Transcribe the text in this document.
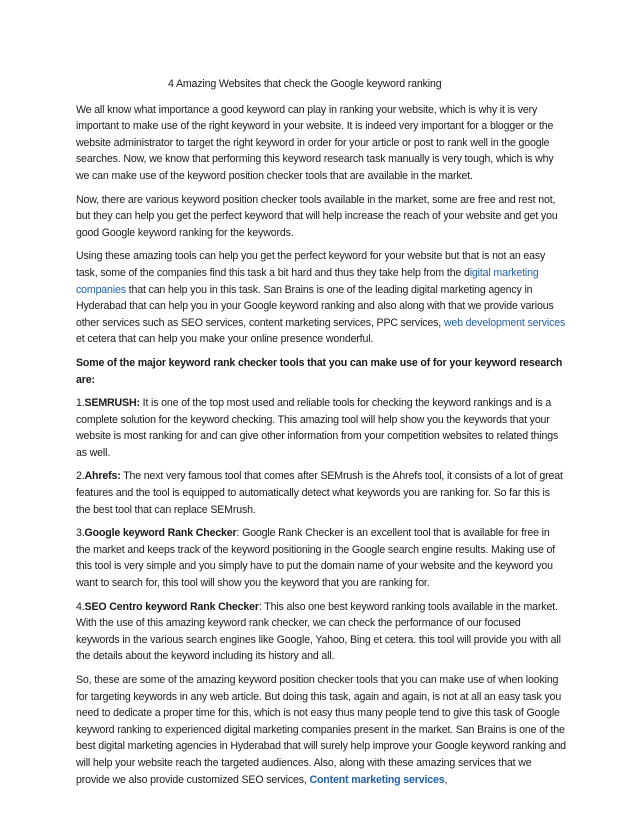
4 Amazing Websites that check the Google keyword ranking

We all know what importance a good keyword can play in ranking your website, which is why it is very important to make use of the right keyword in your website. It is indeed very important for a blogger or the website administrator to target the right keyword in order for your article or post to rank well in the google searches. Now, we know that performing this keyword research task manually is very tough, which is why we can make use of the keyword position checker tools that are available in the market.

Now, there are various keyword position checker tools available in the market, some are free and rest not, but they can help you get the perfect keyword that will help increase the reach of your website and get you good Google keyword ranking for the keywords.

Using these amazing tools can help you get the perfect keyword for your website but that is not an easy task, some of the companies find this task a bit hard and thus they take help from the digital marketing companies that can help you in this task. San Brains is one of the leading digital marketing agency in Hyderabad that can help you in your Google keyword ranking and also along with that we provide various other services such as SEO services, content marketing services, PPC services, web development services et cetera that can help you make your online presence wonderful.

Some of the major keyword rank checker tools that you can make use of for your keyword research are:

1.SEMRUSH: It is one of the top most used and reliable tools for checking the keyword rankings and is a complete solution for the keyword checking. This amazing tool will help show you the keywords that your website is most ranking for and can give other information from your competition websites to related things as well.

2.Ahrefs: The next very famous tool that comes after SEMrush is the Ahrefs tool, it consists of a lot of great features and the tool is equipped to automatically detect what keywords you are ranking for. So far this is the best tool that can replace SEMrush.

3.Google keyword Rank Checker: Google Rank Checker is an excellent tool that is available for free in the market and keeps track of the keyword positioning in the Google search engine results. Making use of this tool is very simple and you simply have to put the domain name of your website and the keyword you want to search for, this tool will show you the keyword that you are ranking for.

4.SEO Centro keyword Rank Checker: This also one best keyword ranking tools available in the market. With the use of this amazing keyword rank checker, we can check the performance of our focused keywords in the various search engines like Google, Yahoo, Bing et cetera. this tool will provide you with all the details about the keyword including its history and all.

So, these are some of the amazing keyword position checker tools that you can make use of when looking for targeting keywords in any web article. But doing this task, again and again, is not at all an easy task you need to dedicate a proper time for this, which is not easy thus many people tend to give this task of Google keyword ranking to experienced digital marketing companies present in the market. San Brains is one of the best digital marketing agencies in Hyderabad that will surely help improve your Google keyword ranking and will help your website reach the targeted audiences. Also, along with these amazing services that we provide we also provide customized SEO services, Content marketing services,
